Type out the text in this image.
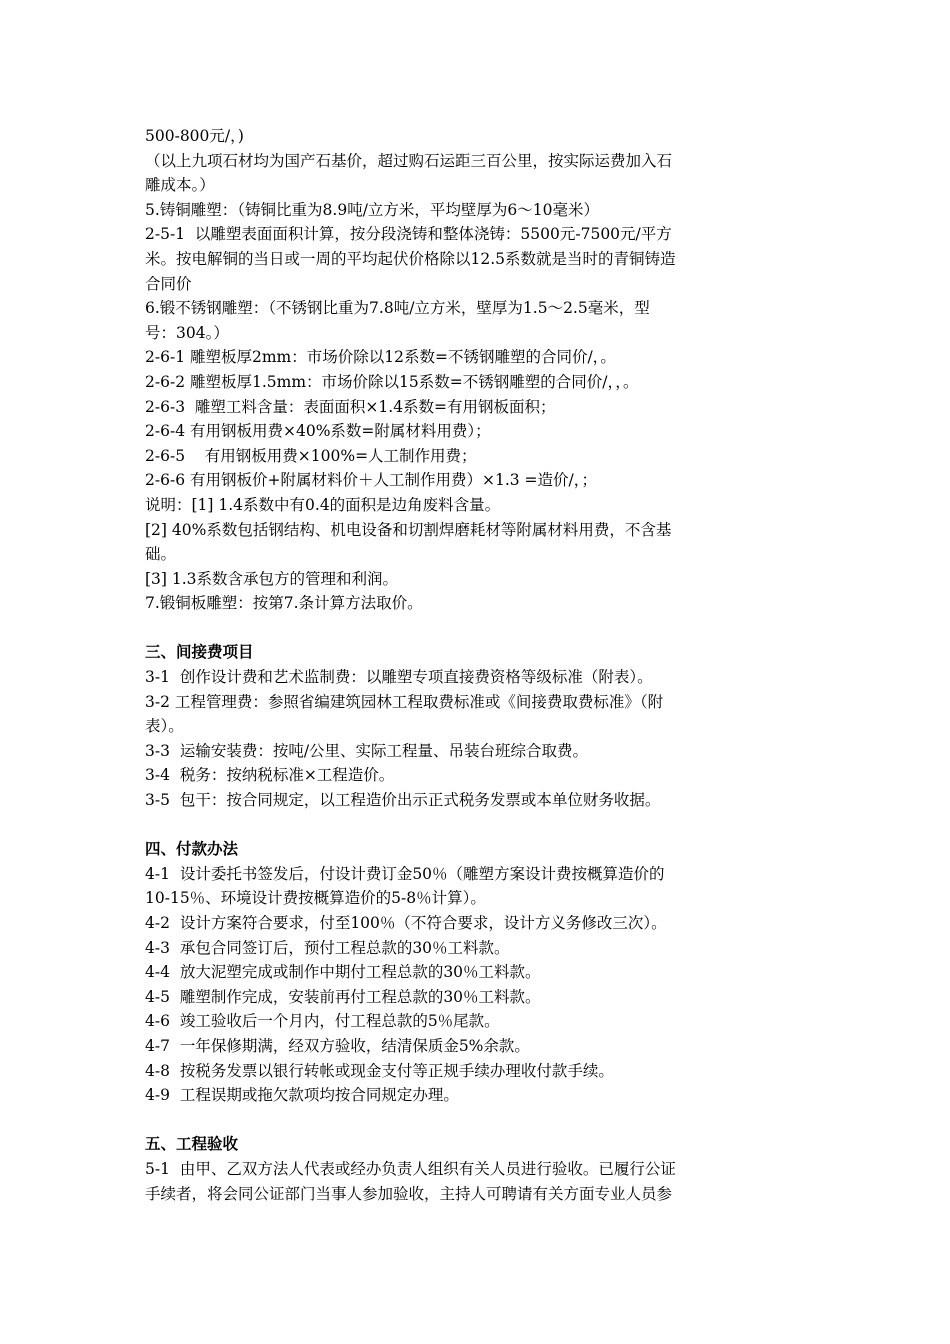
500-800元/，)
（以上九项石材均为国产石基价，超过购石运距三百公里，按实际运费加入石
雕成本。）
5.铸铜雕塑：（铸铜比重为8.9吨/立方米，平均壁厚为6～10毫米）
2-5-1  以雕塑表面面积计算，按分段浇铸和整体浇铸：5500元-7500元/平方
米。按电解铜的当日或一周的平均起伏价格除以12.5系数就是当时的青铜铸造
合同价
6.锻不锈钢雕塑：（不锈钢比重为7.8吨/立方米，壁厚为1.5～2.5毫米，型
号：304。）
2-6-1 雕塑板厚2mm：市场价除以12系数=不锈钢雕塑的合同价/，。
2-6-2 雕塑板厚1.5mm：市场价除以15系数=不锈钢雕塑的合同价/，，。
2-6-3  雕塑工料含量：表面面积×1.4系数=有用钢板面积；
2-6-4 有用钢板用费×40%系数=附属材料用费）；
2-6-5    有用钢板用费×100%=人工制作用费；
2-6-6 有用钢板价+附属材料价＋人工制作用费）×1.3 =造价/，；
说明：[1] 1.4系数中有0.4的面积是边角废料含量。
[2] 40%系数包括钢结构、机电设备和切割焊磨耗材等附属材料用费，不含基
础。
[3] 1.3系数含承包方的管理和利润。
7.锻铜板雕塑：按第7.条计算方法取价。
三、间接费项目
3-1  创作设计费和艺术监制费：以雕塑专项直接费资格等级标准（附表）。
3-2 工程管理费：参照省编建筑园林工程取费标准或《间接费取费标准》（附
表）。
3-3  运输安装费：按吨/公里、实际工程量、吊装台班综合取费。
3-4  税务：按纳税标准×工程造价。
3-5  包干：按合同规定，以工程造价出示正式税务发票或本单位财务收据。
四、付款办法
4-1  设计委托书签发后，付设计费订金50％（雕塑方案设计费按概算造价的
10-15％、环境设计费按概算造价的5-8％计算）。
4-2  设计方案符合要求，付至100％（不符合要求，设计方义务修改三次）。
4-3  承包合同签订后，预付工程总款的30％工料款。
4-4  放大泥塑完成或制作中期付工程总款的30％工料款。
4-5  雕塑制作完成，安装前再付工程总款的30％工料款。
4-6  竣工验收后一个月内，付工程总款的5％尾款。
4-7  一年保修期满，经双方验收，结清保质金5%余款。
4-8  按税务发票以银行转帐或现金支付等正规手续办理收付款手续。
4-9  工程误期或拖欠款项均按合同规定办理。
五、工程验收
5-1  由甲、乙双方法人代表或经办负责人组织有关人员进行验收。已履行公证
手续者，将会同公证部门当事人参加验收，主持人可聘请有关方面专业人员参
